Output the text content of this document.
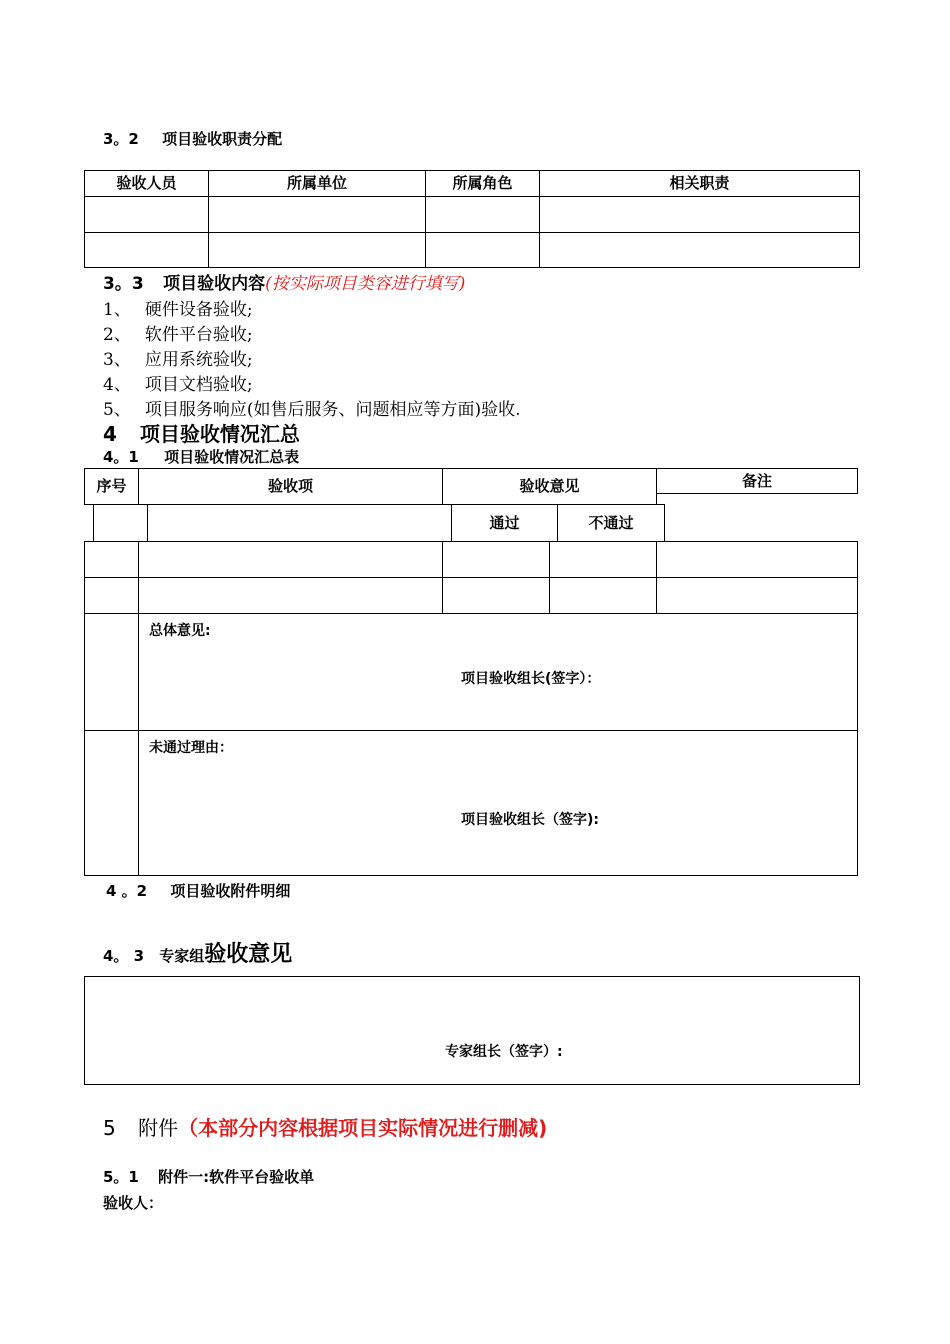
3。2 项目验收职责分配
验收人员	所属单位	所属角色	相关职责
3。3 项目验收内容(按实际项目类容进行填写)
1、 硬件设备验收;
2、 软件平台验收;
3、 应用系统验收;
4、 项目文档验收;
5、 项目服务响应(如售后服务、问题相应等方面)验收.
4 项目验收情况汇总
4。1 项目验收情况汇总表
序号	验收项	验收意见	备注
通过	不通过
总体意见:
项目验收组长(签字）：
未通过理由：
项目验收组长（签字):
4 。2 项目验收附件明细
4。 3 专家组验收意见
专家组长（签字）:
5 附件（本部分内容根据项目实际情况进行删减)
5。1 附件一:软件平台验收单
验收人：
